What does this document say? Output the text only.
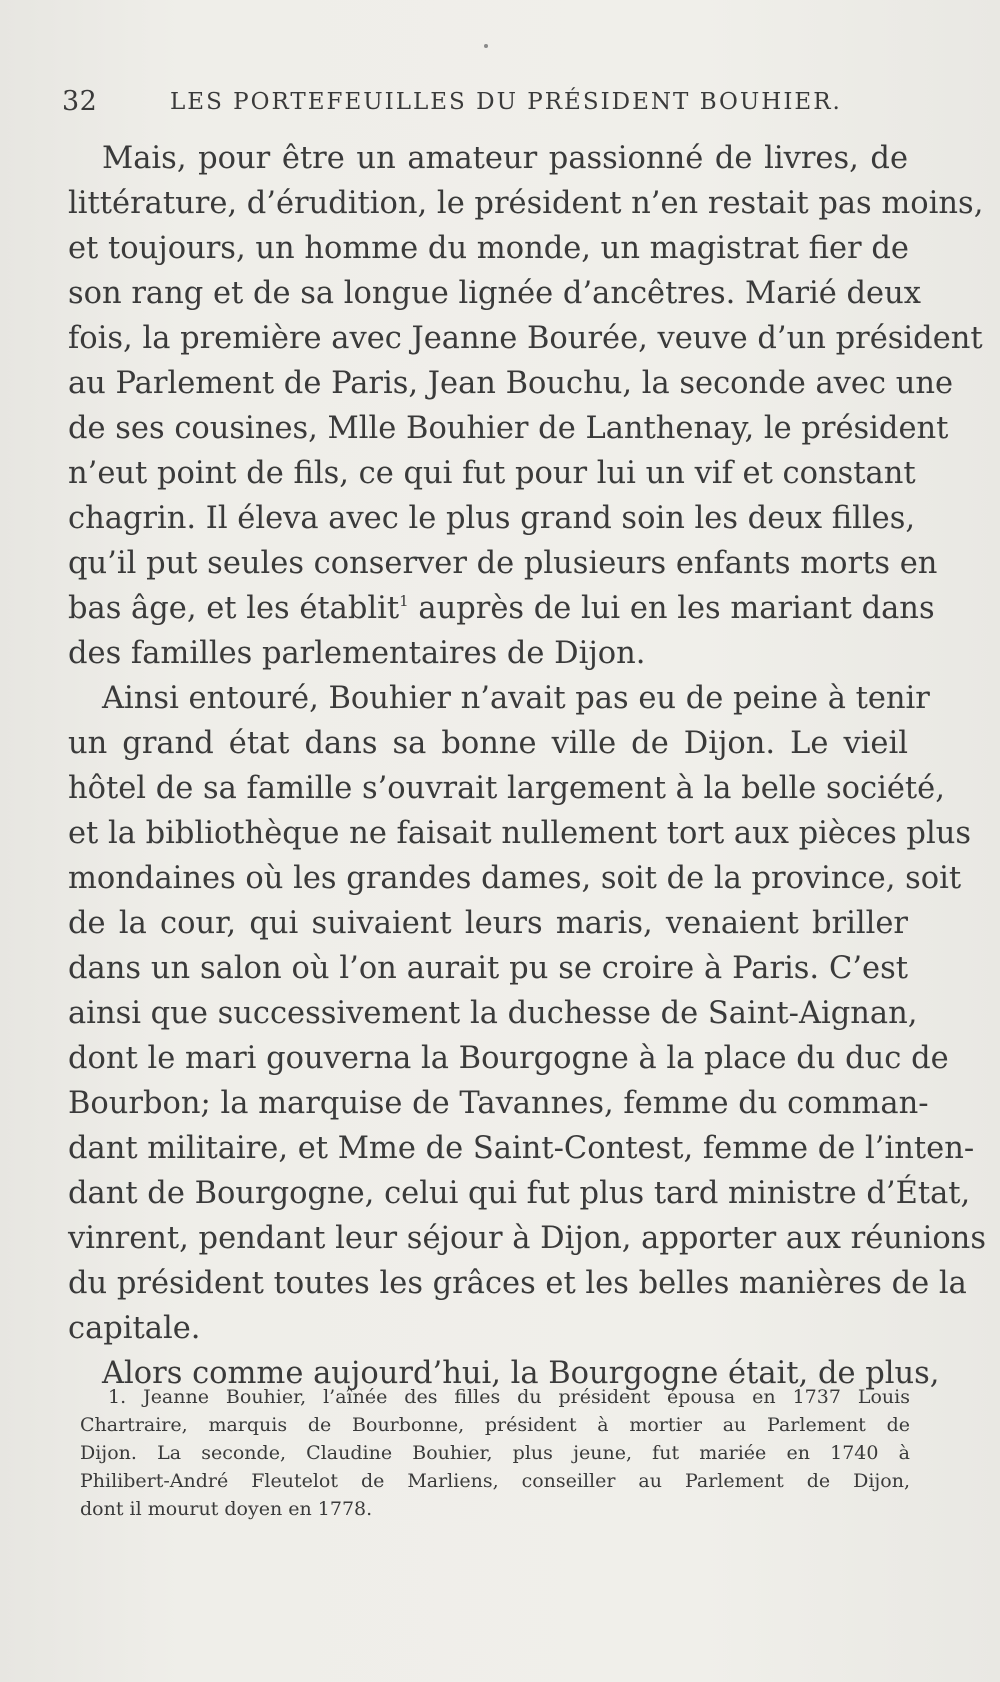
32	LES PORTEFEUILLES DU PRÉSIDENT BOUHIER.
Mais, pour être un amateur passionné de livres, de
littérature, d’érudition, le président n’en restait pas moins,
et toujours, un homme du monde, un magistrat fier de
son rang et de sa longue lignée d’ancêtres. Marié deux
fois, la première avec Jeanne Bourée, veuve d’un président
au Parlement de Paris, Jean Bouchu, la seconde avec une
de ses cousines, Mlle Bouhier de Lanthenay, le président
n’eut point de fils, ce qui fut pour lui un vif et constant
chagrin. Il éleva avec le plus grand soin les deux filles,
qu’il put seules conserver de plusieurs enfants morts en
bas âge, et les établit$^1$ auprès de lui en les mariant dans
des familles parlementaires de Dijon.
Ainsi entouré, Bouhier n’avait pas eu de peine à tenir
un grand état dans sa bonne ville de Dijon. Le vieil
hôtel de sa famille s’ouvrait largement à la belle société,
et la bibliothèque ne faisait nullement tort aux pièces plus
mondaines où les grandes dames, soit de la province, soit
de la cour, qui suivaient leurs maris, venaient briller
dans un salon où l’on aurait pu se croire à Paris. C’est
ainsi que successivement la duchesse de Saint-Aignan,
dont le mari gouverna la Bourgogne à la place du duc de
Bourbon; la marquise de Tavannes, femme du comman-
dant militaire, et Mme de Saint-Contest, femme de l’inten-
dant de Bourgogne, celui qui fut plus tard ministre d’État,
vinrent, pendant leur séjour à Dijon, apporter aux réunions
du président toutes les grâces et les belles manières de la
capitale.
Alors comme aujourd’hui, la Bourgogne était, de plus,
1. Jeanne Bouhier, l’aînée des filles du président épousa en 1737 Louis
Chartraire, marquis de Bourbonne, président à mortier au Parlement de
Dijon. La seconde, Claudine Bouhier, plus jeune, fut mariée en 1740 à
Philibert-André Fleutelot de Marliens, conseiller au Parlement de Dijon,
dont il mourut doyen en 1778.
